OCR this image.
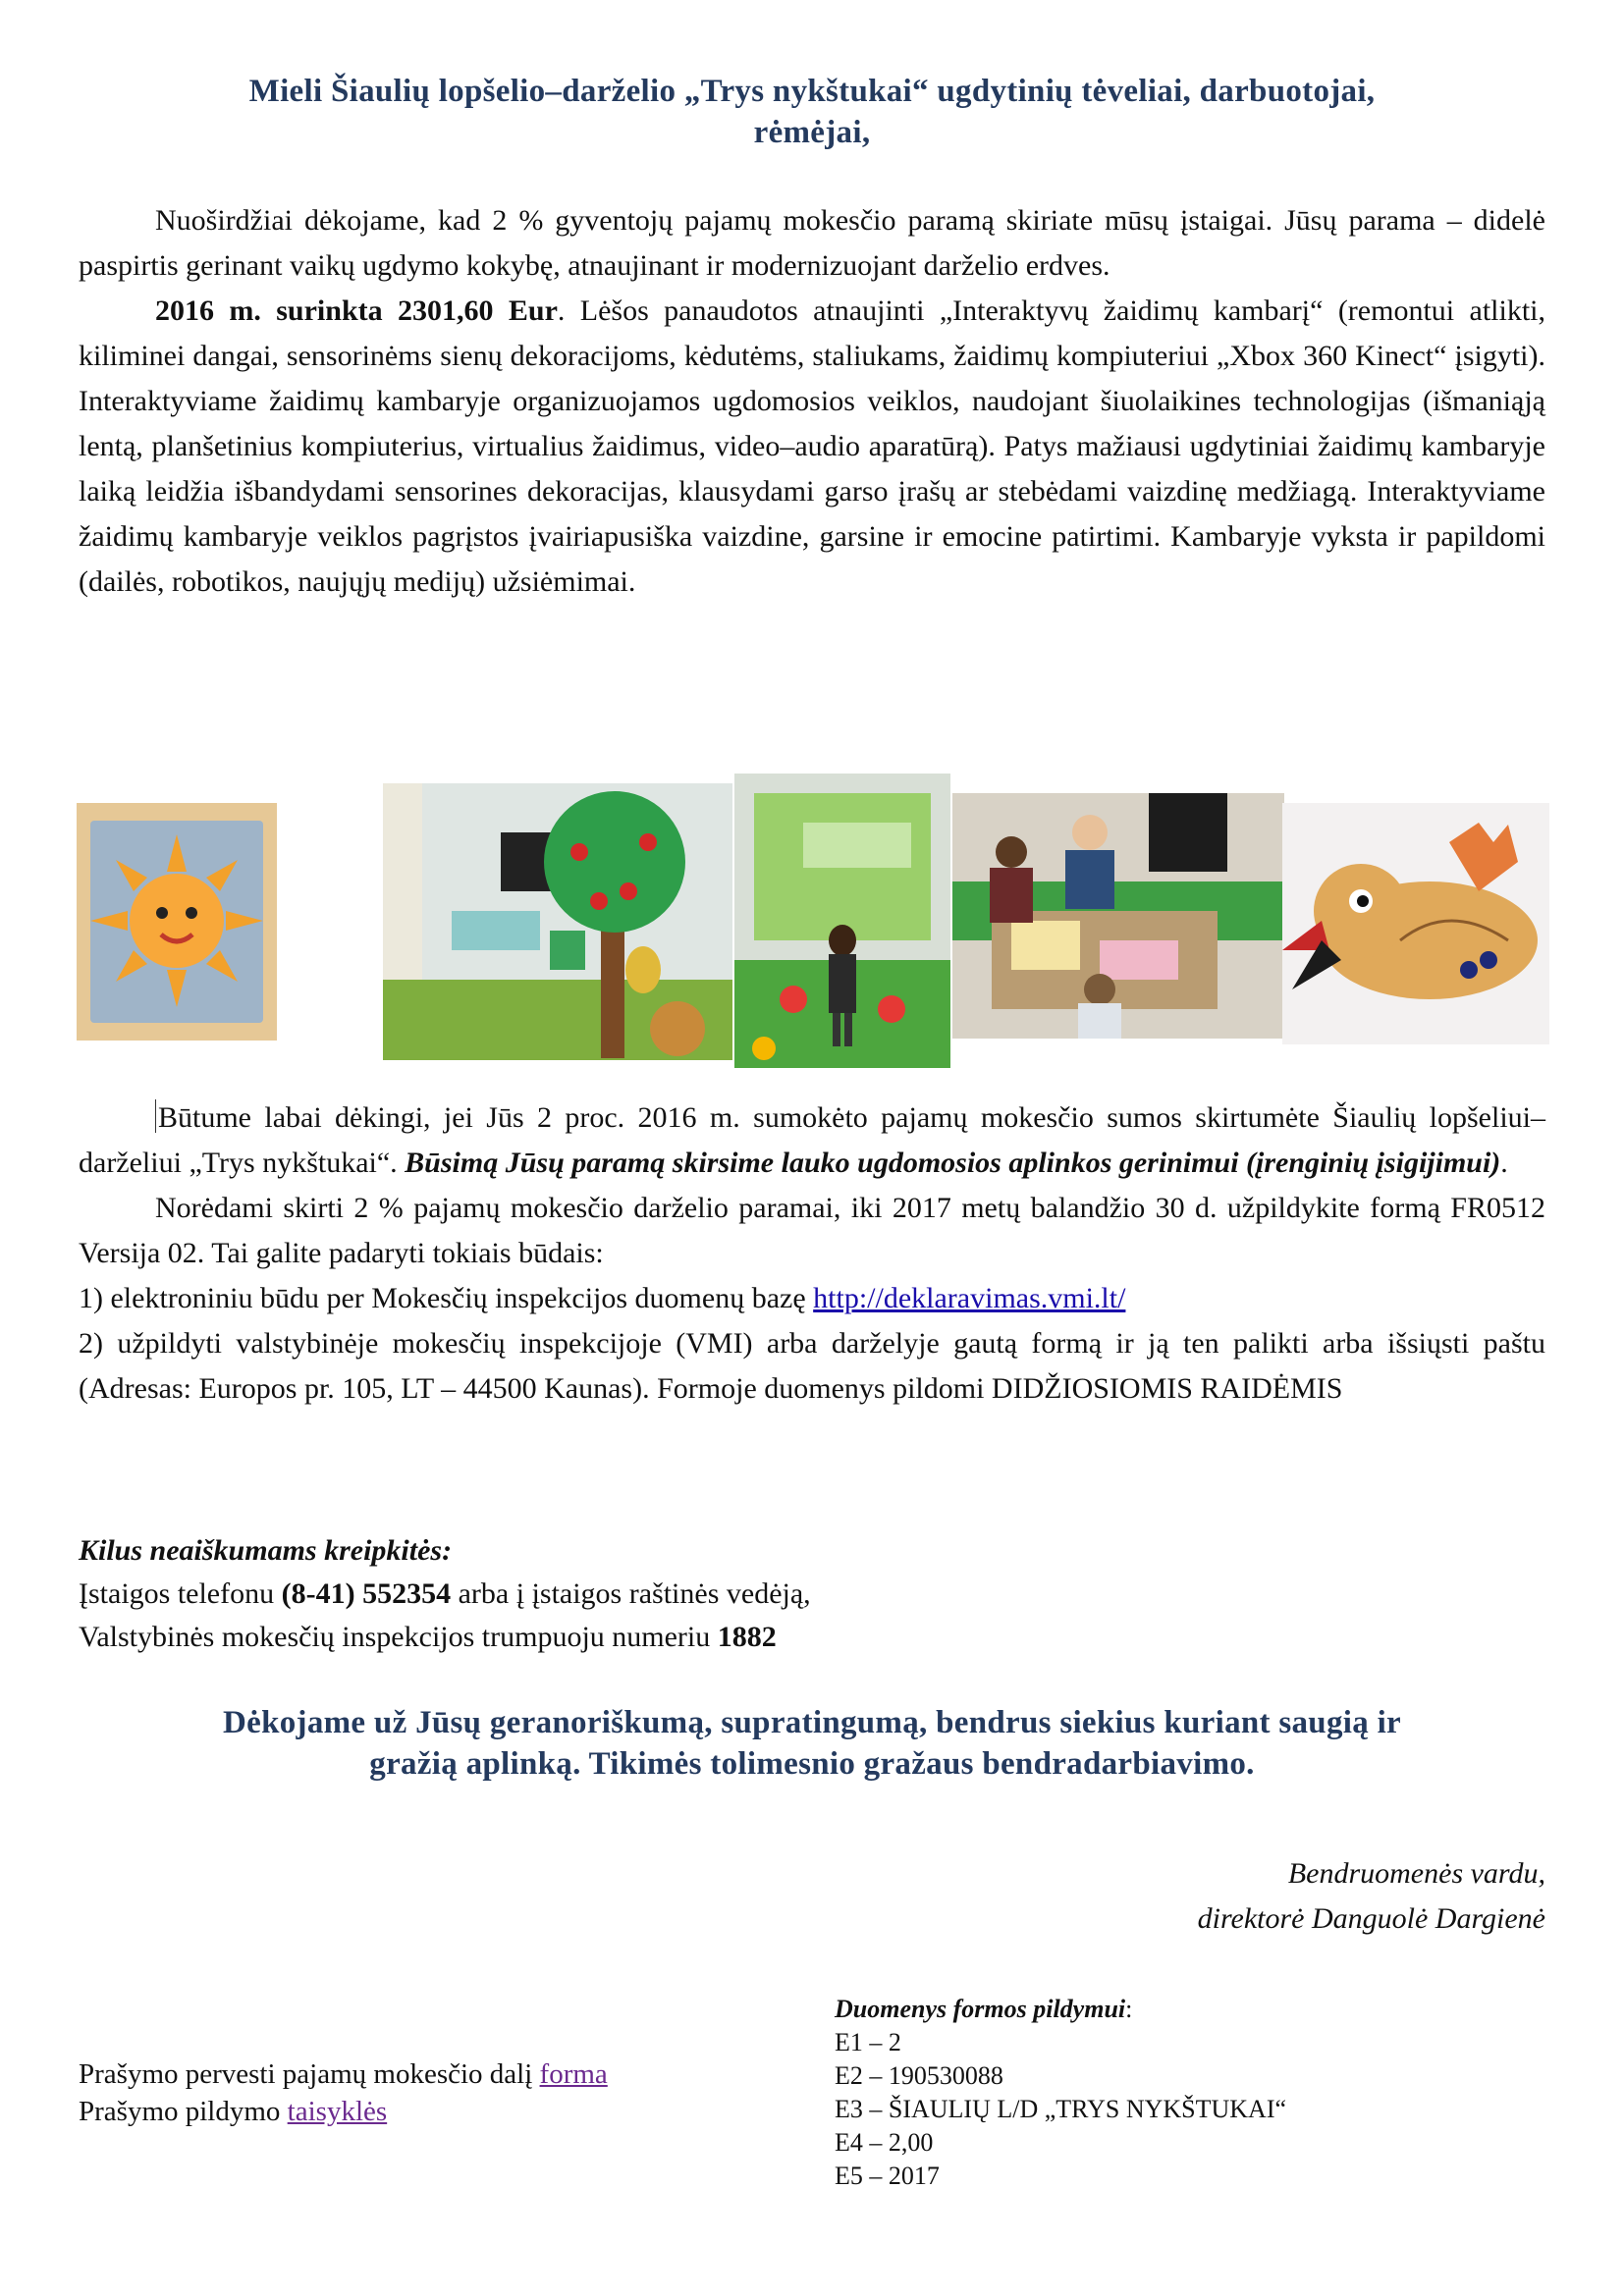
Mieli Šiaulių lopšelio–darželio „Trys nykštukai“ ugdytinių tėveliai, darbuotojai,
rėmėjai,

Nuoširdžiai dėkojame, kad 2 % gyventojų pajamų mokesčio paramą skiriate mūsų įstaigai. Jūsų parama – didelė paspirtis gerinant vaikų ugdymo kokybę, atnaujinant ir modernizuojant darželio erdves.

2016 m. surinkta 2301,60 Eur. Lėšos panaudotos atnaujinti „Interaktyvų žaidimų kambarį“ (remontui atlikti, kiliminei dangai, sensorinėms sienų dekoracijoms, kėdutėms, staliukams, žaidimų kompiuteriui „Xbox 360 Kinect“ įsigyti). Interaktyviame žaidimų kambaryje organizuojamos ugdomosios veiklos, naudojant šiuolaikines technologijas (išmaniąją lentą, planšetinius kompiuterius, virtualius žaidimus, video–audio aparatūrą). Patys mažiausi ugdytiniai žaidimų kambaryje laiką leidžia išbandydami sensorines dekoracijas, klausydami garso įrašų ar stebėdami vaizdinę medžiagą. Interaktyviame žaidimų kambaryje veiklos pagrįstos įvairiapusiška vaizdine, garsine ir emocine patirtimi. Kambaryje vyksta ir papildomi (dailės, robotikos, naujųjų medijų) užsiėmimai.

Būtume labai dėkingi, jei Jūs 2 proc. 2016 m. sumokėto pajamų mokesčio sumos skirtumėte Šiaulių lopšeliui–darželiui „Trys nykštukai“. Būsimą Jūsų paramą skirsime lauko ugdomosios aplinkos gerinimui (įrenginių įsigijimui).

Norėdami skirti 2 % pajamų mokesčio darželio paramai, iki 2017 metų balandžio 30 d. užpildykite formą FR0512 Versija 02. Tai galite padaryti tokiais būdais:

1) elektroniniu būdu per Mokesčių inspekcijos duomenų bazę http://deklaravimas.vmi.lt/

2) užpildyti valstybinėje mokesčių inspekcijoje (VMI) arba darželyje gautą formą ir ją ten palikti arba išsiųsti paštu (Adresas: Europos pr. 105, LT – 44500 Kaunas). Formoje duomenys pildomi DIDŽIOSIOMIS RAIDĖMIS

Kilus neaiškumams kreipkitės:
Įstaigos telefonu (8-41) 552354 arba į įstaigos raštinės vedėją,
Valstybinės mokesčių inspekcijos trumpuoju numeriu 1882
Dėkojame už Jūsų geranoriškumą, supratingumą, bendrus siekius kuriant saugią ir
gražią aplinką. Tikimės tolimesnio gražaus bendradarbiavimo.
Bendruomenės vardu,
direktorė Danguolė Dargienė
Prašymo pervesti pajamų mokesčio dalį forma
Prašymo pildymo taisyklės
Duomenys formos pildymui:
E1 – 2
E2 – 190530088
E3 – ŠIAULIŲ L/D „TRYS NYKŠTUKAI“
E4 – 2,00
E5 – 2017
